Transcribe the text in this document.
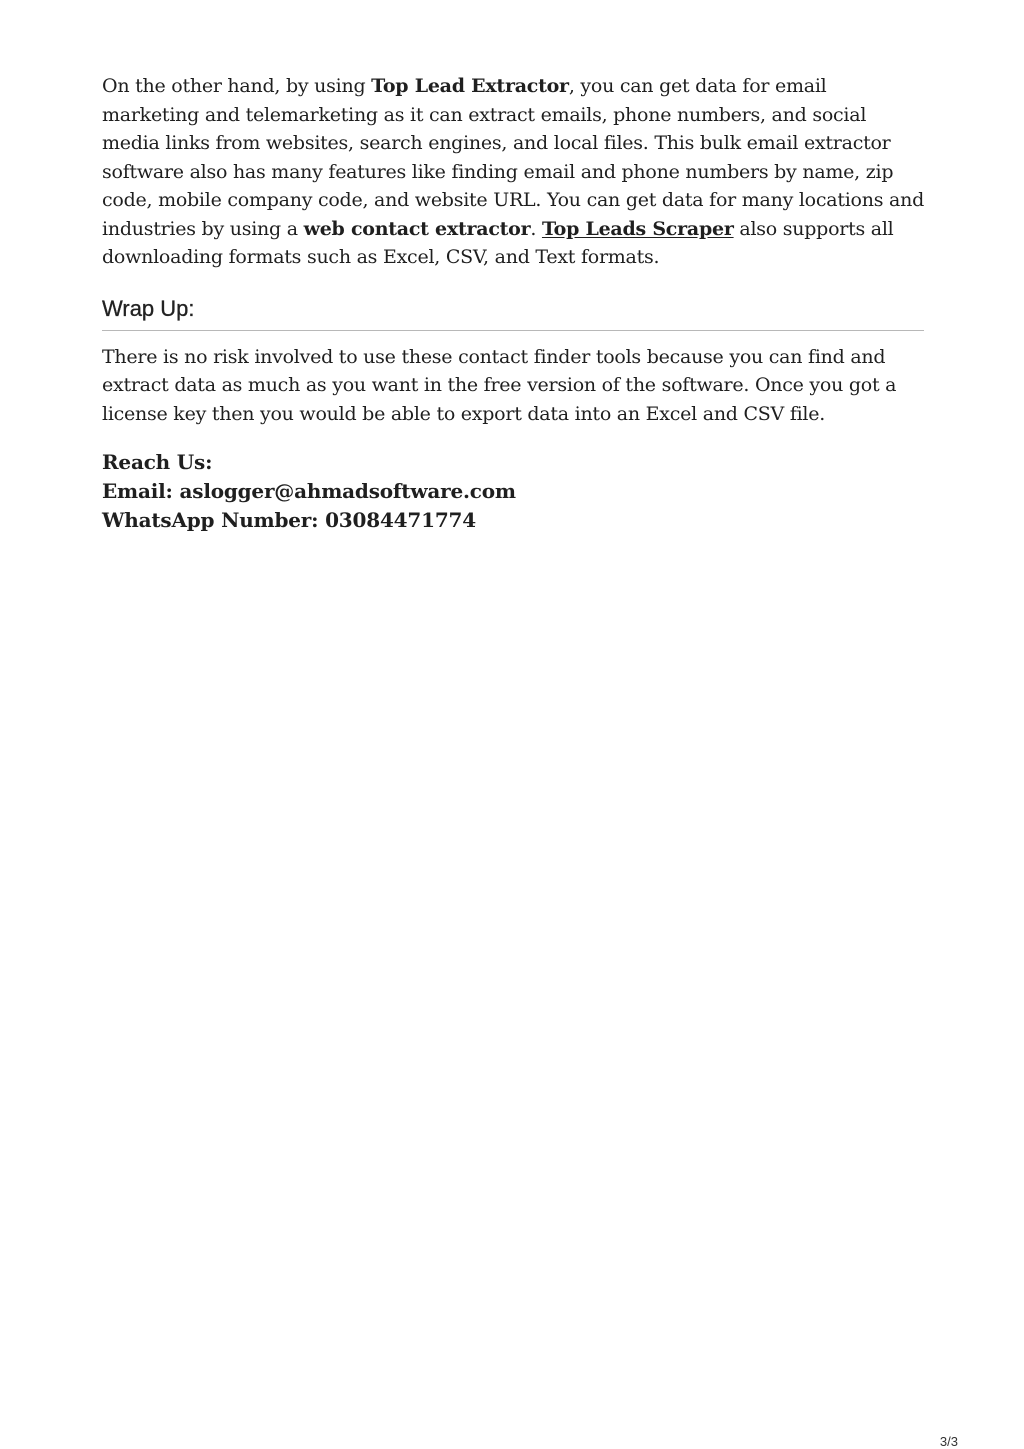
On the other hand, by using Top Lead Extractor, you can get data for email marketing and telemarketing as it can extract emails, phone numbers, and social media links from websites, search engines, and local files. This bulk email extractor software also has many features like finding email and phone numbers by name, zip code, mobile company code, and website URL. You can get data for many locations and industries by using a web contact extractor. Top Leads Scraper also supports all downloading formats such as Excel, CSV, and Text formats.

Wrap Up:

There is no risk involved to use these contact finder tools because you can find and extract data as much as you want in the free version of the software. Once you got a license key then you would be able to export data into an Excel and CSV file.

Reach Us:
Email: aslogger@ahmadsoftware.com
WhatsApp Number: 03084471774
3/3
